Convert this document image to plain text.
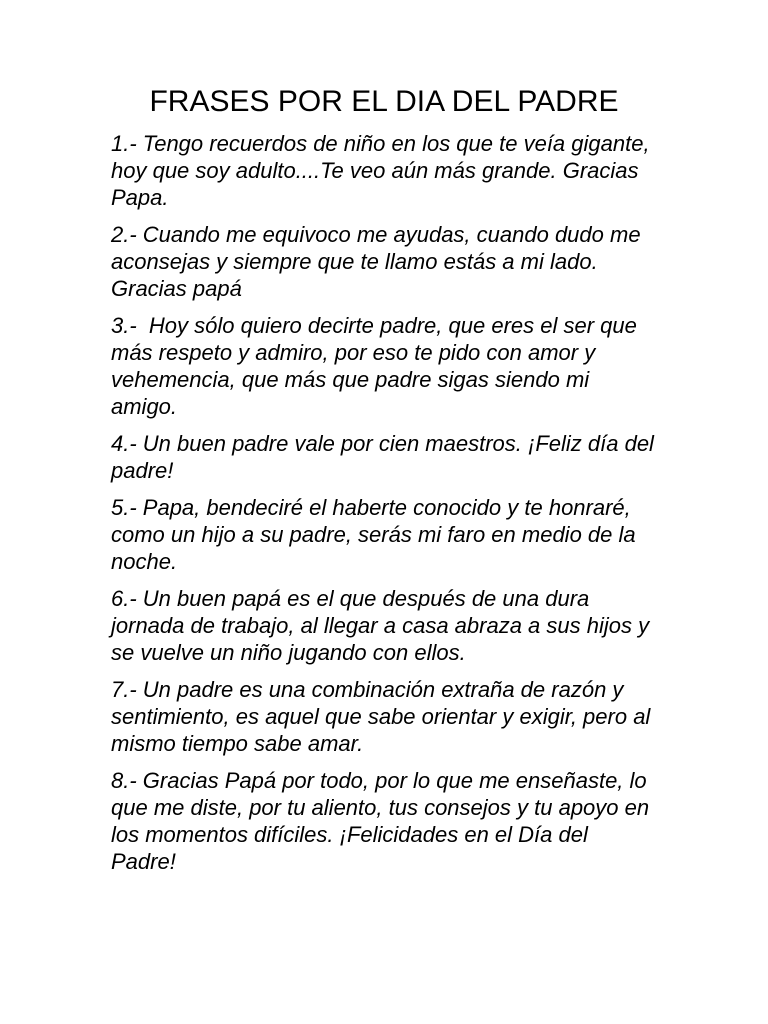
FRASES POR EL DIA DEL PADRE
1.- Tengo recuerdos de niño en los que te veía gigante, hoy que soy adulto....Te veo aún más grande. Gracias Papa.
2.- Cuando me equivoco me ayudas, cuando dudo me aconsejas y siempre que te llamo estás a mi lado. Gracias papá
3.-  Hoy sólo quiero decirte padre, que eres el ser que más respeto y admiro, por eso te pido con amor y vehemencia, que más que padre sigas siendo mi amigo.
4.- Un buen padre vale por cien maestros. ¡Feliz día del padre!
5.- Papa, bendeciré el haberte conocido y te honraré, como un hijo a su padre, serás mi faro en medio de la noche.
6.- Un buen papá es el que después de una dura jornada de trabajo, al llegar a casa abraza a sus hijos y se vuelve un niño jugando con ellos.
7.- Un padre es una combinación extraña de razón y sentimiento, es aquel que sabe orientar y exigir, pero al mismo tiempo sabe amar.
8.- Gracias Papá por todo, por lo que me enseñaste, lo que me diste, por tu aliento, tus consejos y tu apoyo en los momentos difíciles. ¡Felicidades en el Día del Padre!
